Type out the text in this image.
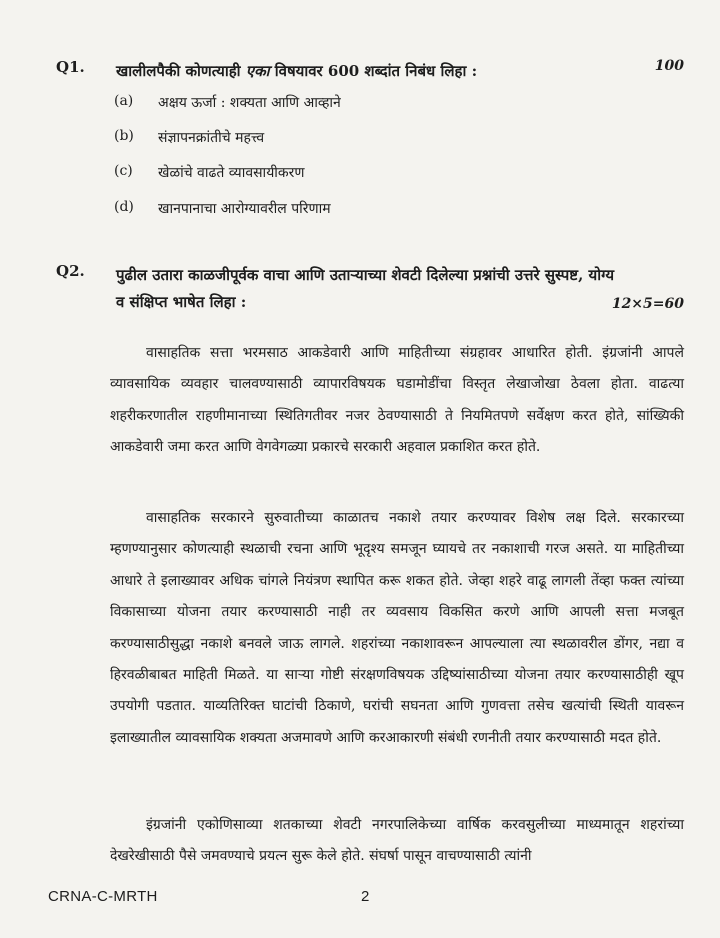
Q1. खालीलपैकी कोणत्याही एका विषयावर 600 शब्दांत निबंध लिहा :	100
(a) अक्षय ऊर्जा : शक्यता आणि आव्हाने
(b) संज्ञापनक्रांतीचे महत्त्व
(c) खेळांचे वाढते व्यावसायीकरण
(d) खानपानाचा आरोग्यावरील परिणाम
Q2. पुढील उतारा काळजीपूर्वक वाचा आणि उताऱ्याच्या शेवटी दिलेल्या प्रश्नांची उत्तरे सुस्पष्ट, योग्य व संक्षिप्त भाषेत लिहा :	12×5=60
वासाहतिक सत्ता भरमसाठ आकडेवारी आणि माहितीच्या संग्रहावर आधारित होती. इंग्रजांनी आपले व्यावसायिक व्यवहार चालवण्यासाठी व्यापारविषयक घडामोडींचा विस्तृत लेखाजोखा ठेवला होता. वाढत्या शहरीकरणातील राहणीमानाच्या स्थितिगतीवर नजर ठेवण्यासाठी ते नियमितपणे सर्वेक्षण करत होते, सांख्यिकी आकडेवारी जमा करत आणि वेगवेगळ्या प्रकारचे सरकारी अहवाल प्रकाशित करत होते.
वासाहतिक सरकारने सुरुवातीच्या काळातच नकाशे तयार करण्यावर विशेष लक्ष दिले. सरकारच्या म्हणण्यानुसार कोणत्याही स्थळाची रचना आणि भूदृश्य समजून घ्यायचे तर नकाशाची गरज असते. या माहितीच्या आधारे ते इलाख्यावर अधिक चांगले नियंत्रण स्थापित करू शकत होते. जेव्हा शहरे वाढू लागली तेंव्हा फक्त त्यांच्या विकासाच्या योजना तयार करण्यासाठी नाही तर व्यवसाय विकसित करणे आणि आपली सत्ता मजबूत करण्यासाठीसुद्धा नकाशे बनवले जाऊ लागले. शहरांच्या नकाशावरून आपल्याला त्या स्थळावरील डोंगर, नद्या व हिरवळीबाबत माहिती मिळते. या साऱ्या गोष्टी संरक्षणविषयक उद्दिष्यांसाठीच्या योजना तयार करण्यासाठीही खूप उपयोगी पडतात. याव्यतिरिक्त घाटांची ठिकाणे, घरांची सघनता आणि गुणवत्ता तसेच खत्यांची स्थिती यावरून इलाख्यातील व्यावसायिक शक्यता अजमावणे आणि करआकारणी संबंधी रणनीती तयार करण्यासाठी मदत होते.
इंग्रजांनी एकोणिसाव्या शतकाच्या शेवटी नगरपालिकेच्या वार्षिक करवसुलीच्या माध्यमातून शहरांच्या देखरेखीसाठी पैसे जमवण्याचे प्रयत्न सुरू केले होते. संघर्षा पासून वाचण्यासाठी त्यांनी
CRNA-C-MRTH	2
